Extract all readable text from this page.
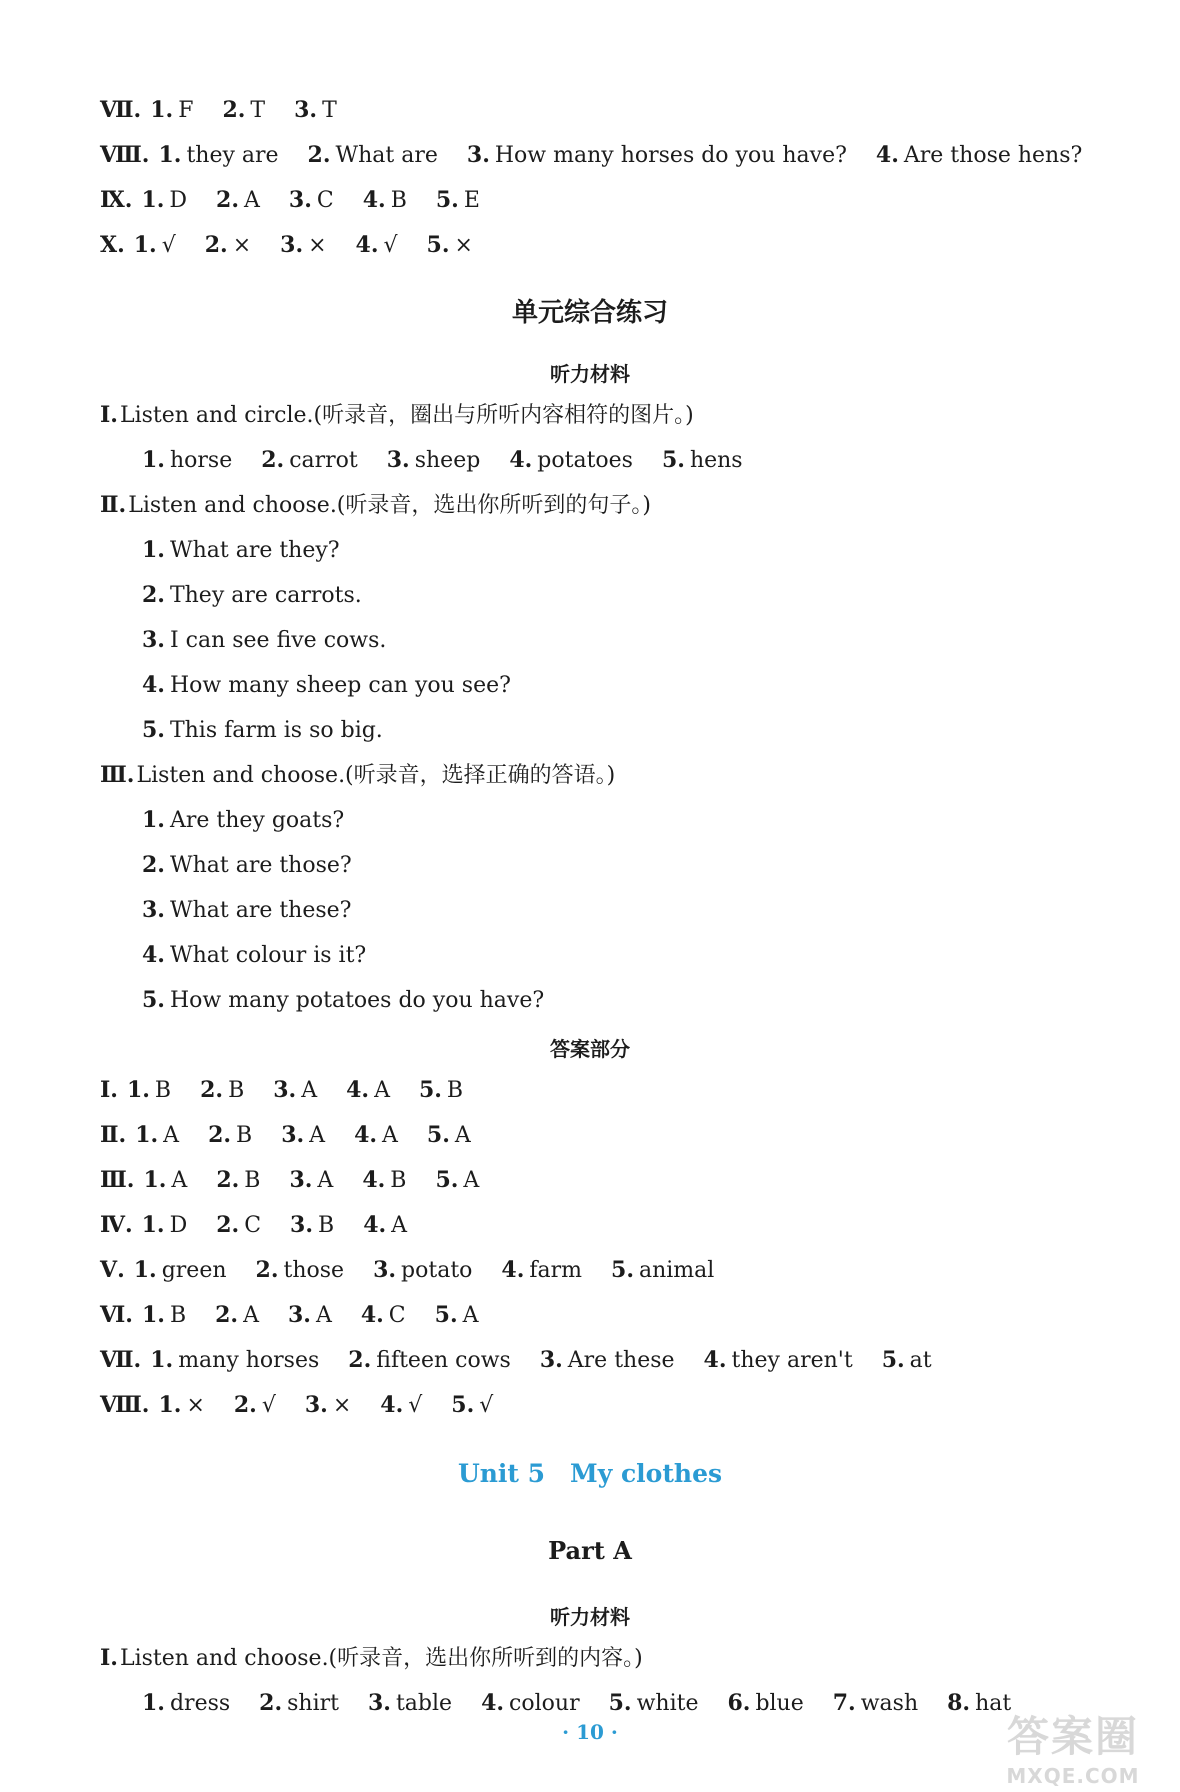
Ⅶ. 1. F 2. T 3. T
Ⅷ. 1. they are 2. What are 3. How many horses do you have? 4. Are those hens?
Ⅸ. 1. D 2. A 3. C 4. B 5. E
Ⅹ. 1. √ 2. × 3. × 4. √ 5. ×
单元综合练习
听力材料
Ⅰ.Listen and circle.(听录音，圈出与所听内容相符的图片。)
1. horse 2. carrot 3. sheep 4. potatoes 5. hens
Ⅱ.Listen and choose.(听录音，选出你所听到的句子。)
1. What are they?
2. They are carrots.
3. I can see five cows.
4. How many sheep can you see?
5. This farm is so big.
Ⅲ.Listen and choose.(听录音，选择正确的答语。)
1. Are they goats?
2. What are those?
3. What are these?
4. What colour is it?
5. How many potatoes do you have?
答案部分
Ⅰ. 1. B 2. B 3. A 4. A 5. B
Ⅱ. 1. A 2. B 3. A 4. A 5. A
Ⅲ. 1. A 2. B 3. A 4. B 5. A
Ⅳ. 1. D 2. C 3. B 4. A
Ⅴ. 1. green 2. those 3. potato 4. farm 5. animal
Ⅵ. 1. B 2. A 3. A 4. C 5. A
Ⅶ. 1. many horses 2. fifteen cows 3. Are these 4. they aren't 5. at
Ⅷ. 1. × 2. √ 3. × 4. √ 5. √
Unit 5　My clothes
Part A
听力材料
Ⅰ.Listen and choose.(听录音，选出你所听到的内容。)
1. dress 2. shirt 3. table 4. colour 5. white 6. blue 7. wash 8. hat
· 10 ·	答案圈
MXQE.COM
